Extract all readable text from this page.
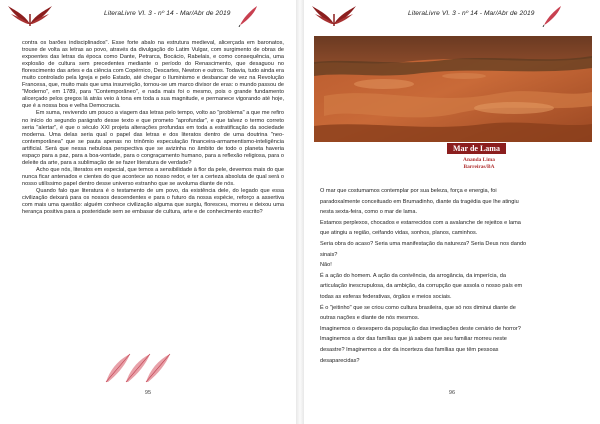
LiteraLivre VI. 3 - nº 14 - Mar/Abr de 2019

contra os barões indisciplinados". Esse forte abalo na estrutura medieval, alicerçada em baronatos, trouxe de volta as letras ao povo, através da divulgação do Latim Vulgar, com surgimento de obras de expoentes das letras da época como Dante, Petrarca, Bocácio, Rabelais, e como consequência, uma explosão de cultura sem precedentes mediante o período do Renascimento, que desaguou no florescimento das artes e da ciência com Copérnico, Descartes, Newton e outros. Todavia, tudo ainda era muito controlado pela Igreja e pelo Estado, até chegar o Iluminismo e desbancar de vez na Revolução Francesa, que, muito mais que uma insurreição, tornou-se um marco divisor de eras: o mundo passou de "Moderno", em 1789, para "Contemporâneo", e nada mais foi o mesmo, pois o grande fundamento alicerçado pelos gregos lá atrás veio à tona em toda a sua magnitude, e permanece vigorando até hoje, que é a nossa boa e velha Democracia.

Em suma, revivendo um pouco a viagem das letras pelo tempo, volto ao "problema" a que me refiro no início do segundo parágrafo desse texto e que prometo "aprofundar", e que talvez o termo correto seria "alertar", é que o século XXI projeta alterações profundas em toda a estratificação da sociedade moderna. Uma delas seria qual o papel das letras e dos literatos dentro de uma doutrina "neo-contemporânea" que se pauta apenas no trinômio especulação financeira-armamentismo-inteligência artificial. Será que nessa nebulosa perspectiva que se avizinha no âmbito de todo o planeta haveria espaço para a paz, para a boa-vontade, para o congraçamento humano, para a reflexão religiosa, para o deleite da arte, para a sublimação de se fazer literatura de verdade?

Acho que nós, literatos em especial, que temos a sensibilidade à flor da pele, devemos mais do que nunca ficar antenados e cientes do que acontece ao nosso redor, e ter a certeza absoluta de qual será o nosso utilíssimo papel dentro desse universo estranho que se avoluma diante de nós.

Quando falo que literatura é o testamento de um povo, da existência dele, do legado que essa civilização deixará para os nossos descendentes e para o futuro da nossa espécie, reforço a assertiva com mais uma questão: alguém conhece civilização alguma que surgiu, floresceu, morreu e deixou uma herança positiva para a posteridade sem se embasar de cultura, arte e de conhecimento escrito?

95
LiteraLivre VI. 3 - nº 14 - Mar/Abr de 2019
Mar de Lama
Ananda Lima
Barreiras/BA
O mar que costumamos contemplar por sua beleza, força e energia, foi
paradoxalmente conceituado em Brumadinho, diante da tragédia que lhe atingiu
nesta sexta-feira, como o mar de lama.
Estamos perplexos, chocados e estarrecidos com a avalanche de rejeitos e lama
que atingiu a região, ceifando vidas, sonhos, planos, caminhos.
Seria obra do acaso? Seria uma manifestação da natureza? Seria Deus nos dando
sinais?
Não!
É a ação do homem. A ação da conivência, da arrogância, da imperícia, da
articulação inescrupulosa, da ambição, da corrupção que assola o nosso país em
todas as esferas federativas, órgãos e meios sociais.
É o "jeitinho" que se criou como cultura brasileira, que só nos diminui diante de
outras nações e diante de nós mesmos.
Imaginemos o desespero da população das imediações deste cenário de horror?
Imaginemos a dor das famílias que já sabem que seu familiar morreu neste
desastre? Imaginemos a dor da incerteza das famílias que têm pessoas
desaparecidas?
96
